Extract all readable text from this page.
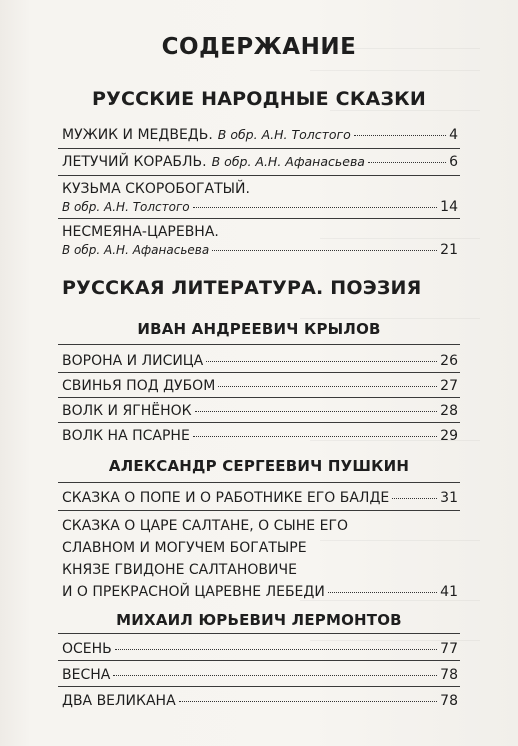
СОДЕРЖАНИЕ
РУССКИЕ НАРОДНЫЕ СКАЗКИ
МУЖИК И МЕДВЕДЬ. В обр. А.Н. Толстого	4
ЛЕТУЧИЙ КОРАБЛЬ. В обр. А.Н. Афанасьева	6
КУЗЬМА СКОРОБОГАТЫЙ.
В обр. А.Н. Толстого	14
НЕСМЕЯНА-ЦАРЕВНА.
В обр. А.Н. Афанасьева	21
РУССКАЯ ЛИТЕРАТУРА. ПОЭЗИЯ
ИВАН АНДРЕЕВИЧ КРЫЛОВ
ВОРОНА И ЛИСИЦА	26
СВИНЬЯ ПОД ДУБОМ	27
ВОЛК И ЯГНЁНОК	28
ВОЛК НА ПСАРНЕ	29
АЛЕКСАНДР СЕРГЕЕВИЧ ПУШКИН
СКАЗКА О ПОПЕ И О РАБОТНИКЕ ЕГО БАЛДЕ	31
СКАЗКА О ЦАРЕ САЛТАНЕ, О СЫНЕ ЕГО
СЛАВНОМ И МОГУЧЕМ БОГАТЫРЕ
КНЯЗЕ ГВИДОНЕ САЛТАНОВИЧЕ
И О ПРЕКРАСНОЙ ЦАРЕВНЕ ЛЕБЕДИ	41
МИХАИЛ ЮРЬЕВИЧ ЛЕРМОНТОВ
ОСЕНЬ	77
ВЕСНА	78
ДВА ВЕЛИКАНА	78
